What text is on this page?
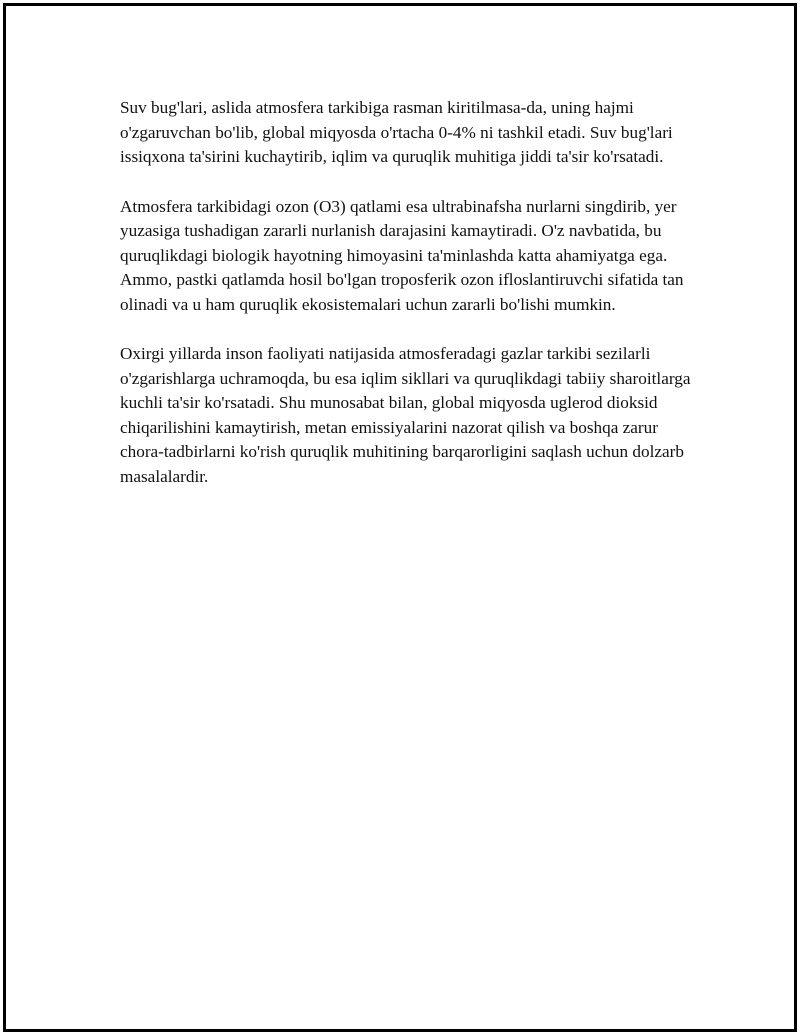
Suv bug'lari, aslida atmosfera tarkibiga rasman kiritilmasa-da, uning hajmi o'zgaruvchan bo'lib, global miqyosda o'rtacha 0-4% ni tashkil etadi. Suv bug'lari issiqxona ta'sirini kuchaytirib, iqlim va quruqlik muhitiga jiddi ta'sir ko'rsatadi.

Atmosfera tarkibidagi ozon (O3) qatlami esa ultrabinafsha nurlarni singdirib, yer yuzasiga tushadigan zararli nurlanish darajasini kamaytiradi. O'z navbatida, bu quruqlikdagi biologik hayotning himoyasini ta'minlashda katta ahamiyatga ega. Ammo, pastki qatlamda hosil bo'lgan troposferik ozon ifloslantiruvchi sifatida tan olinadi va u ham quruqlik ekosistemalari uchun zararli bo'lishi mumkin.

Oxirgi yillarda inson faoliyati natijasida atmosferadagi gazlar tarkibi sezilarli o'zgarishlarga uchramoqda, bu esa iqlim sikllari va quruqlikdagi tabiiy sharoitlarga kuchli ta'sir ko'rsatadi. Shu munosabat bilan, global miqyosda uglerod dioksid chiqarilishini kamaytirish, metan emissiyalarini nazorat qilish va boshqa zarur chora-tadbirlarni ko'rish quruqlik muhitining barqarorligini saqlash uchun dolzarb masalalardir.
